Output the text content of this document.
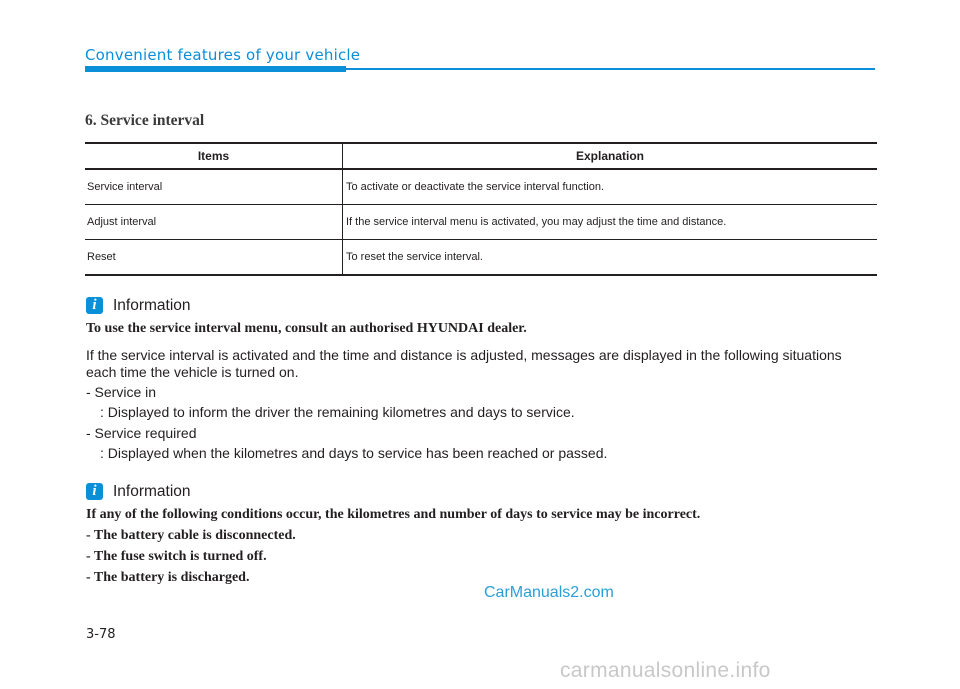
Convenient features of your vehicle
6. Service interval
Items	Explanation
Service interval	To activate or deactivate the service interval function.
Adjust interval	If the service interval menu is activated, you may adjust the time and distance.
Reset	To reset the service interval.
i	Information
To use the service interval menu, consult an authorised HYUNDAI dealer.
If the service interval is activated and the time and distance is adjusted, messages are displayed in the following situations each time the vehicle is turned on.
- Service in
: Displayed to inform the driver the remaining kilometres and days to service.
- Service required
: Displayed when the kilometres and days to service has been reached or passed.
i	Information
If any of the following conditions occur, the kilometres and number of days to service may be incorrect.
- The battery cable is disconnected.
- The fuse switch is turned off.
- The battery is discharged.
CarManuals2.com
3-78
carmanualsonline.info
